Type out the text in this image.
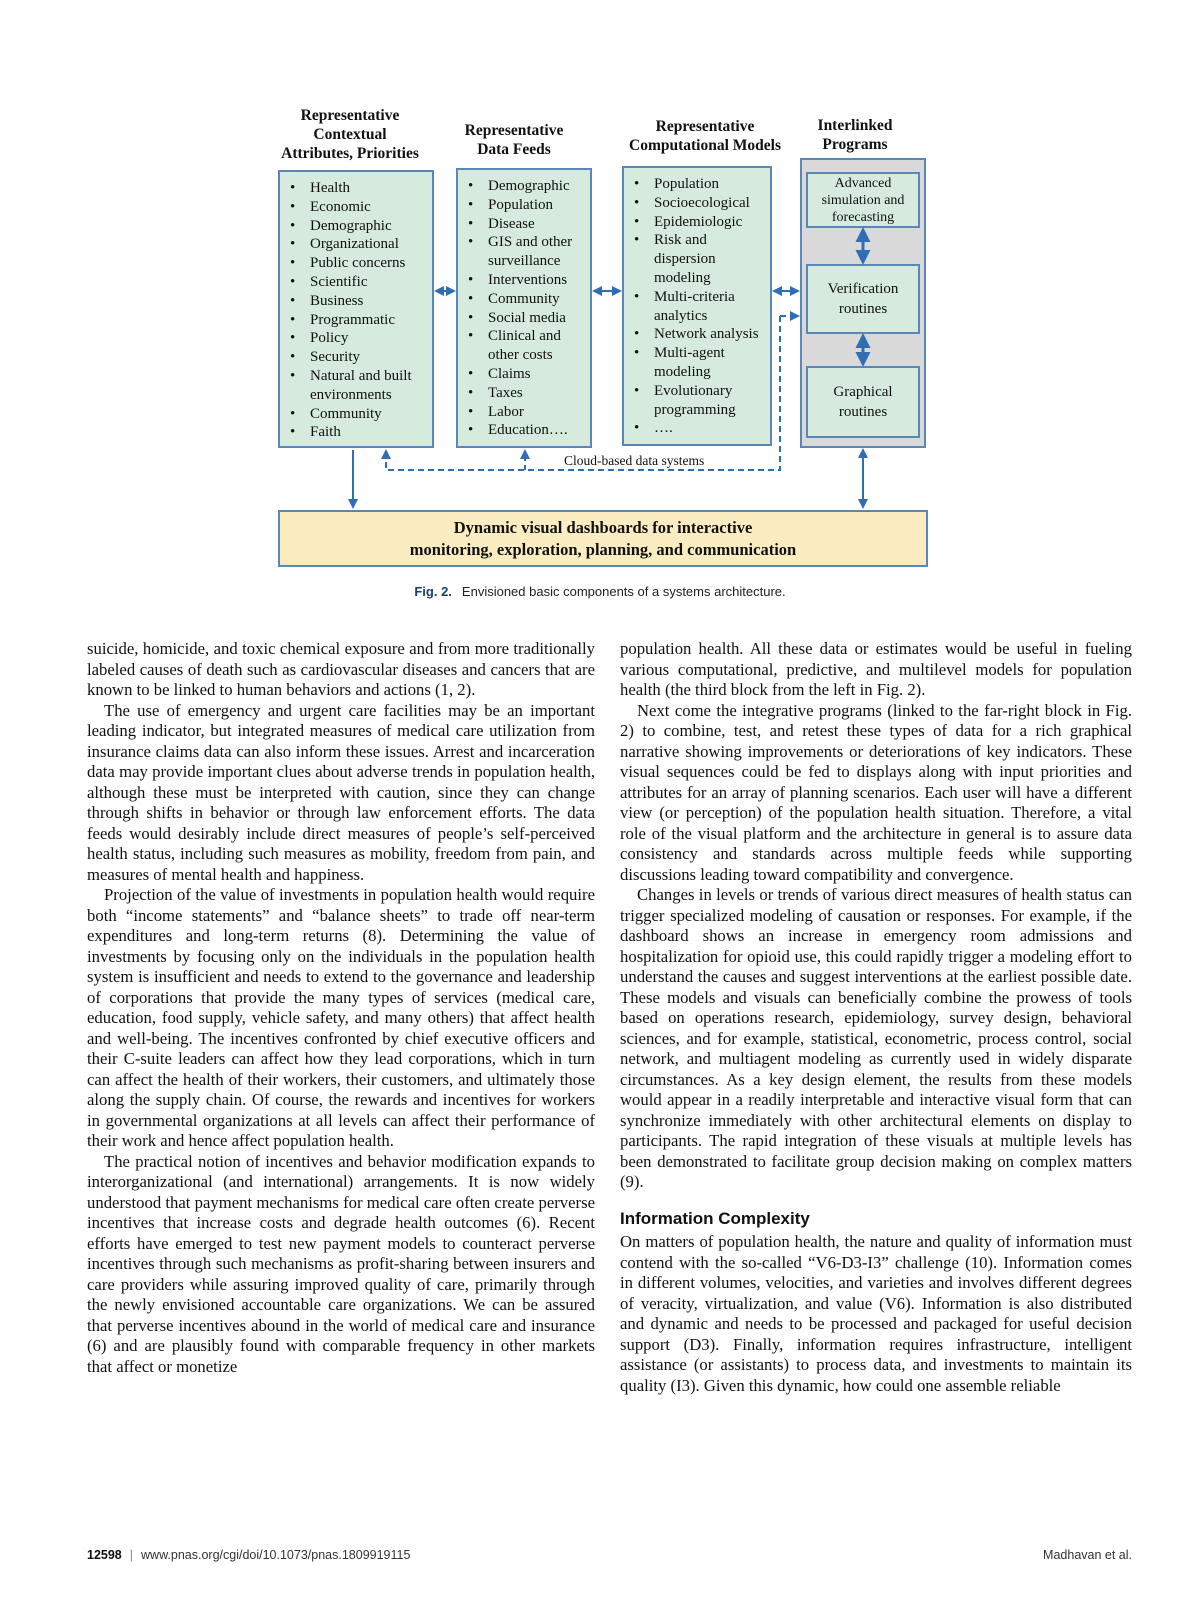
Representative
Contextual
Attributes, Priorities
Representative
Data Feeds
Representative
Computational Models
Interlinked
Programs
• Health
• Economic
• Demographic
• Organizational
• Public concerns
• Scientific
• Business
• Programmatic
• Policy
• Security
• Natural and built environments
• Community
• Faith
• Demographic
• Population
• Disease
• GIS and other surveillance
• Interventions
• Community
• Social media
• Clinical and other costs
• Claims
• Taxes
• Labor
• Education….
• Population
• Socioecological
• Epidemiologic
• Risk and dispersion modeling
• Multi-criteria analytics
• Network analysis
• Multi-agent modeling
• Evolutionary programming
• ….
Advanced simulation and forecasting
Verification routines
Graphical routines
Cloud-based data systems
Dynamic visual dashboards for interactive
monitoring, exploration, planning, and communication
Fig. 2. Envisioned basic components of a systems architecture.

suicide, homicide, and toxic chemical exposure and from more traditionally labeled causes of death such as cardiovascular diseases and cancers that are known to be linked to human behaviors and actions (1, 2).

The use of emergency and urgent care facilities may be an important leading indicator, but integrated measures of medical care utilization from insurance claims data can also inform these issues. Arrest and incarceration data may provide important clues about adverse trends in population health, although these must be interpreted with caution, since they can change through shifts in behavior or through law enforcement efforts. The data feeds would desirably include direct measures of people’s self-perceived health status, including such measures as mobility, freedom from pain, and measures of mental health and happiness.

Projection of the value of investments in population health would require both “income statements” and “balance sheets” to trade off near-term expenditures and long-term returns (8). Determining the value of investments by focusing only on the individuals in the population health system is insufficient and needs to extend to the governance and leadership of corporations that provide the many types of services (medical care, education, food supply, vehicle safety, and many others) that affect health and well-being. The incentives confronted by chief executive officers and their C-suite leaders can affect how they lead corporations, which in turn can affect the health of their workers, their customers, and ultimately those along the supply chain. Of course, the rewards and incentives for workers in governmental organizations at all levels can affect their performance of their work and hence affect population health.

The practical notion of incentives and behavior modification expands to interorganizational (and international) arrangements. It is now widely understood that payment mechanisms for medical care often create perverse incentives that increase costs and degrade health outcomes (6). Recent efforts have emerged to test new payment models to counteract perverse incentives through such mechanisms as profit-sharing between insurers and care providers while assuring improved quality of care, primarily through the newly envisioned accountable care organizations. We can be assured that perverse incentives abound in the world of medical care and insurance (6) and are plausibly found with comparable frequency in other markets that affect or monetize

population health. All these data or estimates would be useful in fueling various computational, predictive, and multilevel models for population health (the third block from the left in Fig. 2).

Next come the integrative programs (linked to the far-right block in Fig. 2) to combine, test, and retest these types of data for a rich graphical narrative showing improvements or deteriorations of key indicators. These visual sequences could be fed to displays along with input priorities and attributes for an array of planning scenarios. Each user will have a different view (or perception) of the population health situation. Therefore, a vital role of the visual platform and the architecture in general is to assure data consistency and standards across multiple feeds while supporting discussions leading toward compatibility and convergence.

Changes in levels or trends of various direct measures of health status can trigger specialized modeling of causation or responses. For example, if the dashboard shows an increase in emergency room admissions and hospitalization for opioid use, this could rapidly trigger a modeling effort to understand the causes and suggest interventions at the earliest possible date. These models and visuals can beneficially combine the prowess of tools based on operations research, epidemiology, survey design, behavioral sciences, and for example, statistical, econometric, process control, social network, and multiagent modeling as currently used in widely disparate circumstances. As a key design element, the results from these models would appear in a readily interpretable and interactive visual form that can synchronize immediately with other architectural elements on display to participants. The rapid integration of these visuals at multiple levels has been demonstrated to facilitate group decision making on complex matters (9).

Information Complexity

On matters of population health, the nature and quality of information must contend with the so-called “V6-D3-I3” challenge (10). Information comes in different volumes, velocities, and varieties and involves different degrees of veracity, virtualization, and value (V6). Information is also distributed and dynamic and needs to be processed and packaged for useful decision support (D3). Finally, information requires infrastructure, intelligent assistance (or assistants) to process data, and investments to maintain its quality (I3). Given this dynamic, how could one assemble reliable

12598 | www.pnas.org/cgi/doi/10.1073/pnas.1809919115	Madhavan et al.
